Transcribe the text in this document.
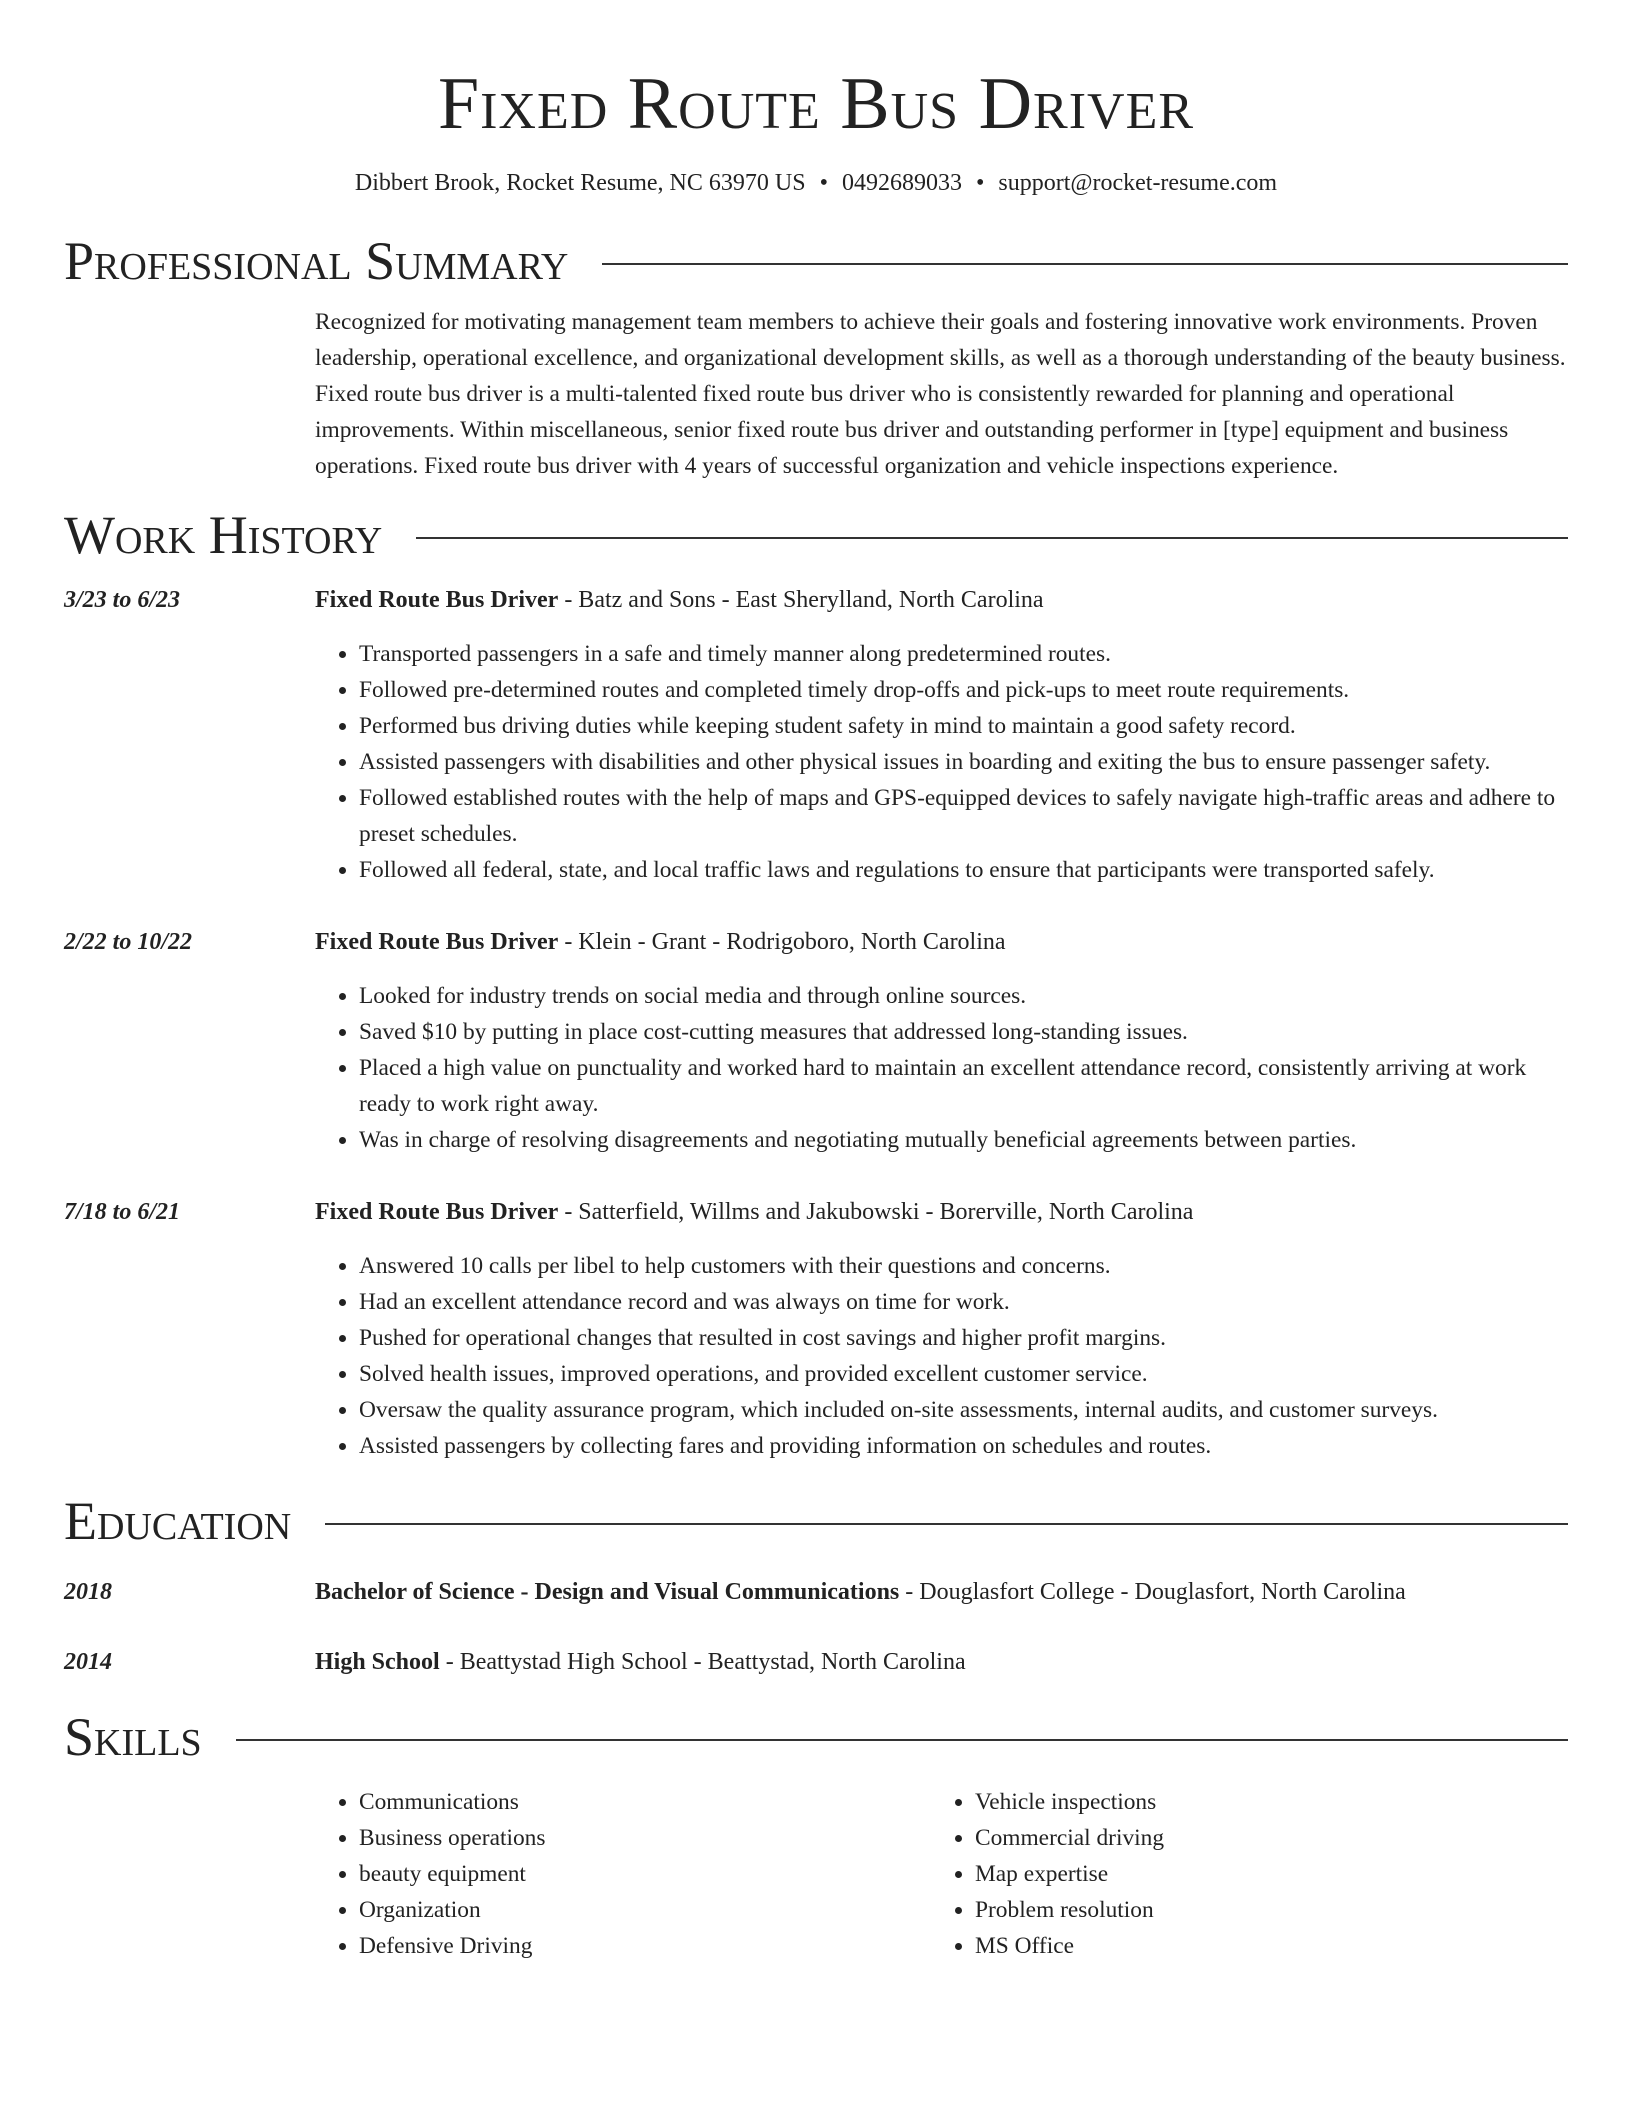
Fixed Route Bus Driver
Dibbert Brook, Rocket Resume, NC 63970 US • 0492689033 • support@rocket-resume.com
Professional Summary
Recognized for motivating management team members to achieve their goals and fostering innovative work environments. Proven leadership, operational excellence, and organizational development skills, as well as a thorough understanding of the beauty business. Fixed route bus driver is a multi-talented fixed route bus driver who is consistently rewarded for planning and operational improvements. Within miscellaneous, senior fixed route bus driver and outstanding performer in [type] equipment and business operations. Fixed route bus driver with 4 years of successful organization and vehicle inspections experience.
Work History
3/23 to 6/23	Fixed Route Bus Driver - Batz and Sons - East Sherylland, North Carolina
• Transported passengers in a safe and timely manner along predetermined routes.
• Followed pre-determined routes and completed timely drop-offs and pick-ups to meet route requirements.
• Performed bus driving duties while keeping student safety in mind to maintain a good safety record.
• Assisted passengers with disabilities and other physical issues in boarding and exiting the bus to ensure passenger safety.
• Followed established routes with the help of maps and GPS-equipped devices to safely navigate high-traffic areas and adhere to preset schedules.
• Followed all federal, state, and local traffic laws and regulations to ensure that participants were transported safely.
2/22 to 10/22	Fixed Route Bus Driver - Klein - Grant - Rodrigoboro, North Carolina
• Looked for industry trends on social media and through online sources.
• Saved $10 by putting in place cost-cutting measures that addressed long-standing issues.
• Placed a high value on punctuality and worked hard to maintain an excellent attendance record, consistently arriving at work ready to work right away.
• Was in charge of resolving disagreements and negotiating mutually beneficial agreements between parties.
7/18 to 6/21	Fixed Route Bus Driver - Satterfield, Willms and Jakubowski - Borerville, North Carolina
• Answered 10 calls per libel to help customers with their questions and concerns.
• Had an excellent attendance record and was always on time for work.
• Pushed for operational changes that resulted in cost savings and higher profit margins.
• Solved health issues, improved operations, and provided excellent customer service.
• Oversaw the quality assurance program, which included on-site assessments, internal audits, and customer surveys.
• Assisted passengers by collecting fares and providing information on schedules and routes.
Education
2018	Bachelor of Science - Design and Visual Communications - Douglasfort College - Douglasfort, North Carolina
2014	High School - Beattystad High School - Beattystad, North Carolina
Skills
• Communications
• Business operations
• beauty equipment
• Organization
• Defensive Driving
• Vehicle inspections
• Commercial driving
• Map expertise
• Problem resolution
• MS Office
